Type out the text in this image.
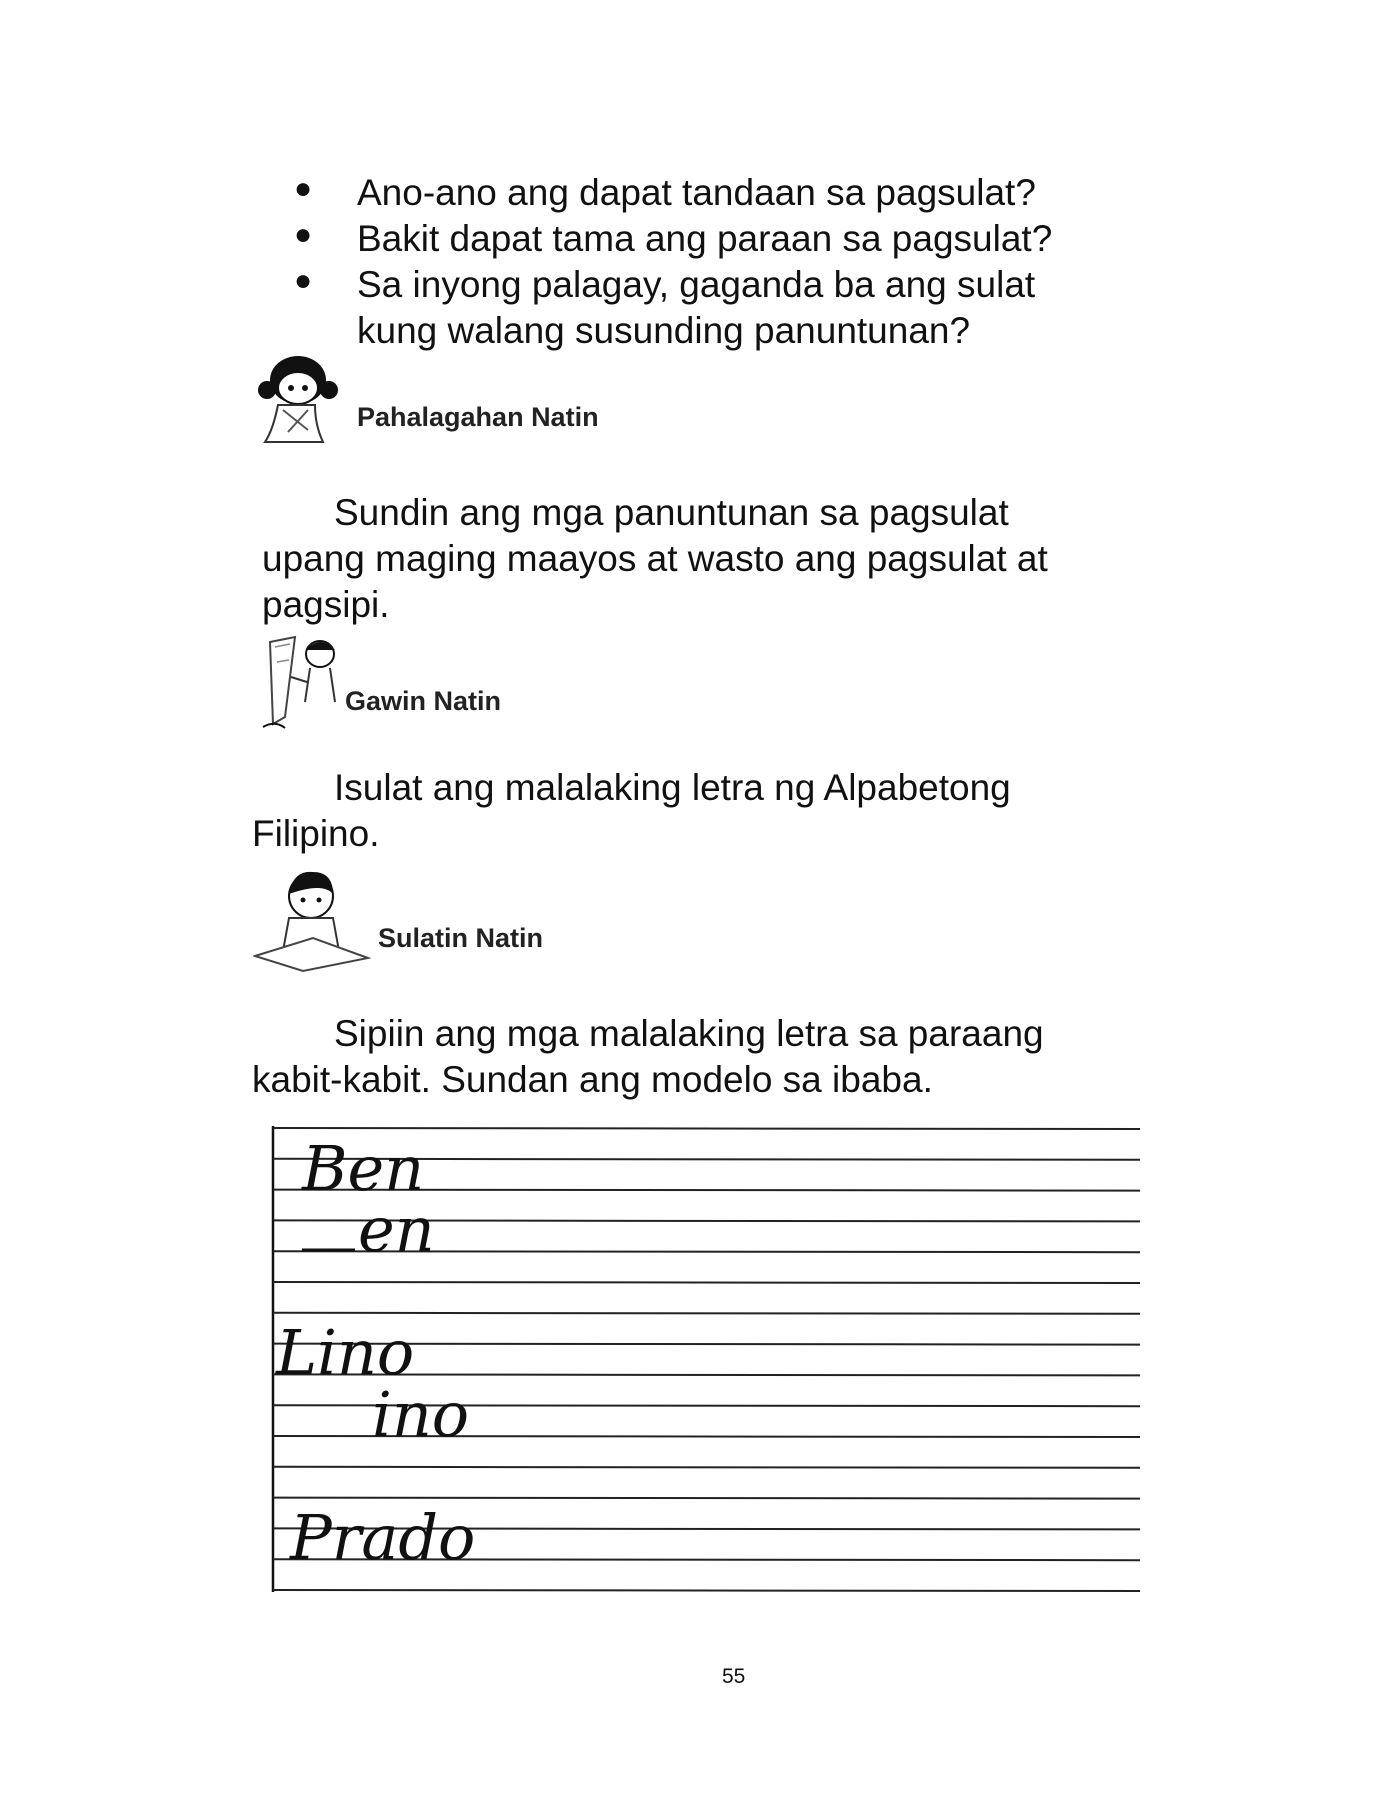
● Ano-ano ang dapat tandaan sa pagsulat?
● Bakit dapat tama ang paraan sa pagsulat?
● Sa inyong palagay, gaganda ba ang sulat
kung walang susunding panuntunan?
Pahalagahan Natin
Sundin ang mga panuntunan sa pagsulat
upang maging maayos at wasto ang pagsulat at
pagsipi.
Gawin Natin
Isulat ang malalaking letra ng Alpabetong
Filipino.
Sulatin Natin
Sipiin ang mga malalaking letra sa paraang
kabit-kabit. Sundan ang modelo sa ibaba.
Ben
en
Lino
ino
Prado
55
